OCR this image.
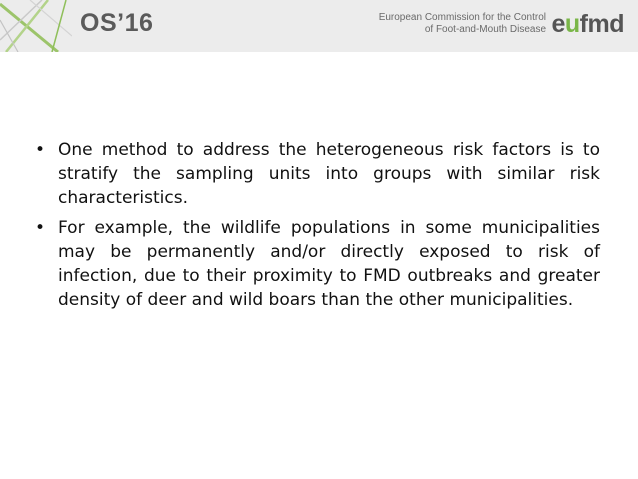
OS’16	European Commission for the Control
of Foot-and-Mouth Disease eufmd
• One method to address the heterogeneous risk factors is to stratify the sampling units into groups with similar risk characteristics.
• For example, the wildlife populations in some municipalities may be permanently and/or directly exposed to risk of infection, due to their proximity to FMD outbreaks and greater density of deer and wild boars than the other municipalities.
